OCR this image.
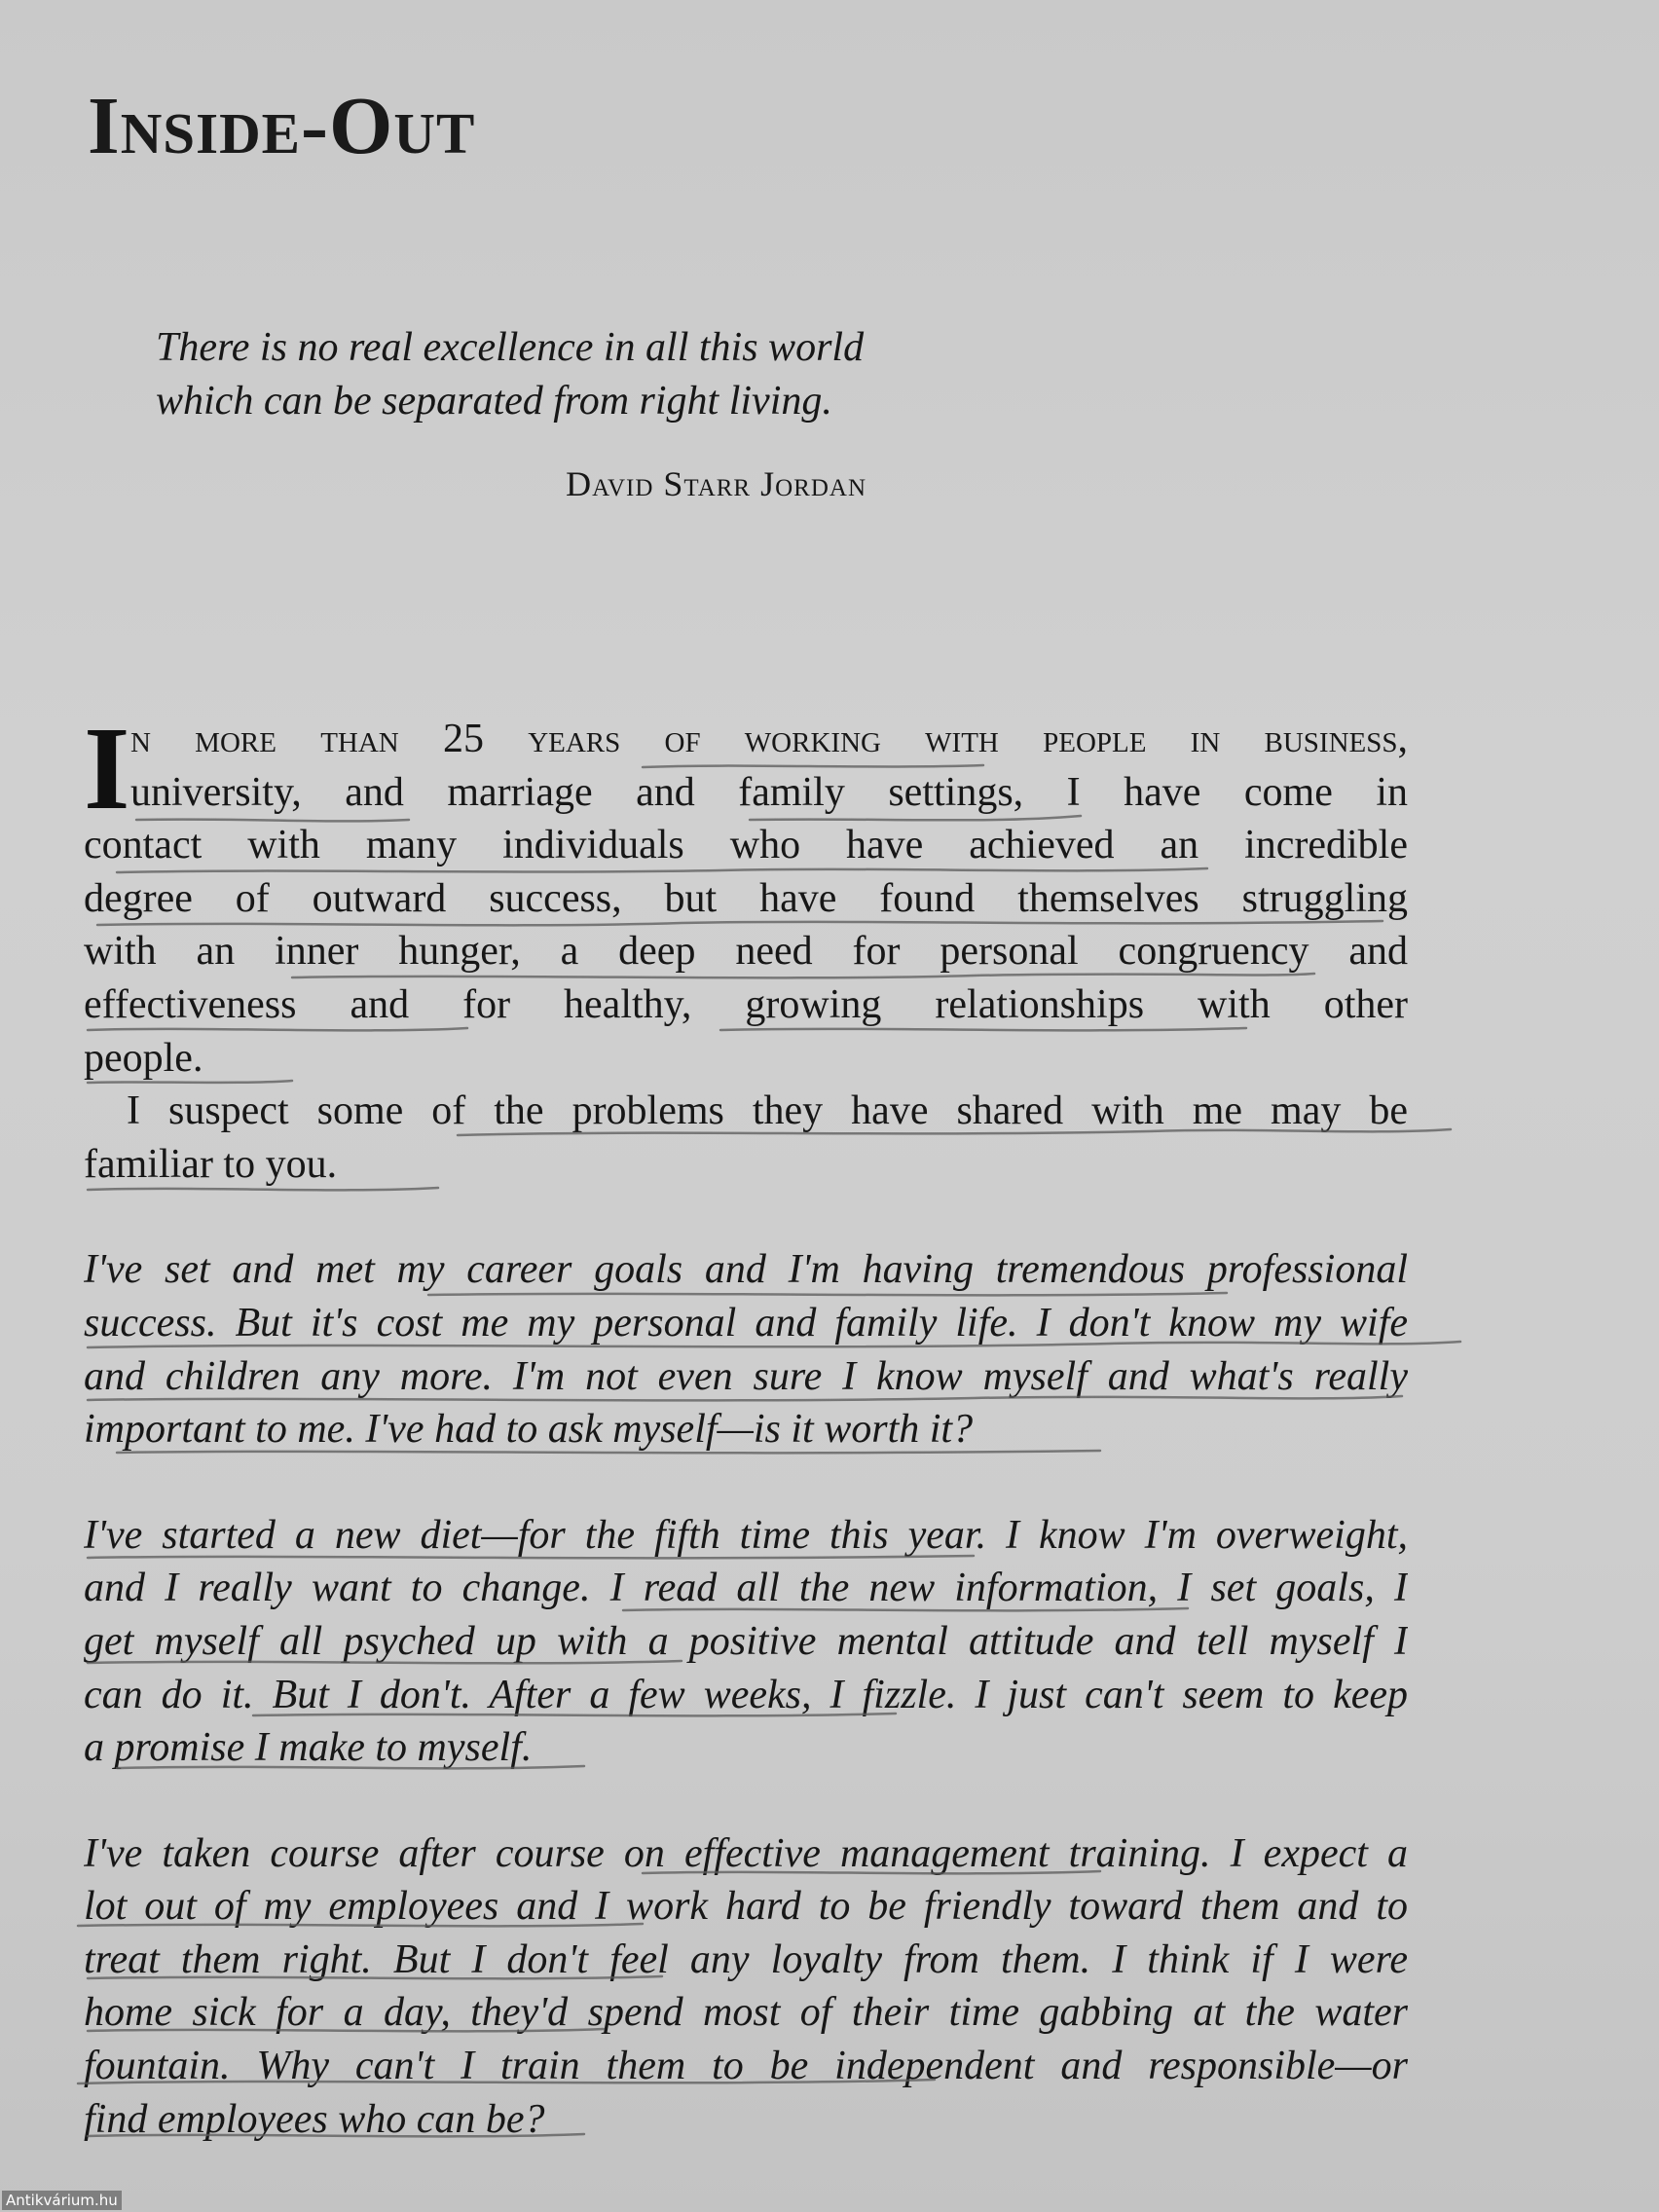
Inside-Out
There is no real excellence in all this world
which can be separated from right living.
David Starr Jordan
I n more than 25 years of working with people in business,
university, and marriage and family settings, I have come in
contact with many individuals who have achieved an incredible
degree of outward success, but have found themselves struggling
with an inner hunger, a deep need for personal congruency and
effectiveness and for healthy, growing relationships with other
people.
I suspect some of the problems they have shared with me may be
familiar to you.
I've set and met my career goals and I'm having tremendous professional
success. But it's cost me my personal and family life. I don't know my wife
and children any more. I'm not even sure I know myself and what's really
important to me. I've had to ask myself—is it worth it?
I've started a new diet—for the fifth time this year. I know I'm overweight,
and I really want to change. I read all the new information, I set goals, I
get myself all psyched up with a positive mental attitude and tell myself I
can do it. But I don't. After a few weeks, I fizzle. I just can't seem to keep
a promise I make to myself.
I've taken course after course on effective management training. I expect a
lot out of my employees and I work hard to be friendly toward them and to
treat them right. But I don't feel any loyalty from them. I think if I were
home sick for a day, they'd spend most of their time gabbing at the water
fountain. Why can't I train them to be independent and responsible—or
find employees who can be?
Antikvárium.hu
